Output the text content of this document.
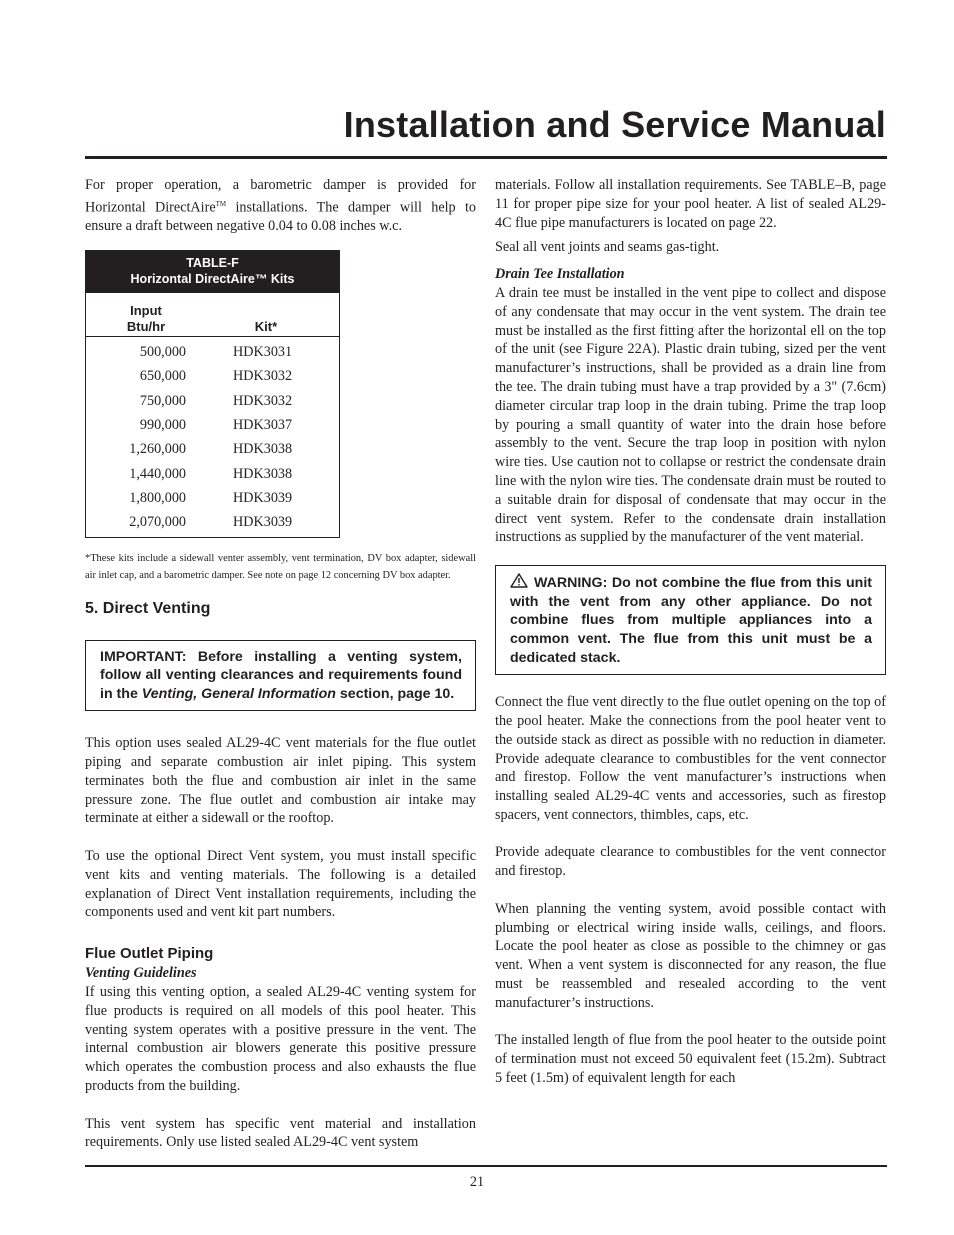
Installation and Service Manual

For proper operation, a barometric damper is provided for Horizontal DirectAire™ installations. The damper will help to ensure a draft between negative 0.04 to 0.08 inches w.c.

TABLE-F
Horizontal DirectAire™ Kits
Input
Btu/hr	Kit*
500,000	HDK3031
650,000	HDK3032
750,000	HDK3032
990,000	HDK3037
1,260,000	HDK3038
1,440,000	HDK3038
1,800,000	HDK3039
2,070,000	HDK3039
*These kits include a sidewall venter assembly, vent termination, DV box adapter, sidewall air inlet cap, and a barometric damper. See note on page 12 concerning DV box adapter.
5. Direct Venting
IMPORTANT: Before installing a venting system, follow all venting clearances and requirements found in the Venting, General Information section, page 10.

This option uses sealed AL29-4C vent materials for the flue outlet piping and separate combustion air inlet piping. This system terminates both the flue and combustion air inlet in the same pressure zone. The flue outlet and combustion air intake may terminate at either a sidewall or the rooftop.

To use the optional Direct Vent system, you must install specific vent kits and venting materials. The following is a detailed explanation of Direct Vent installation requirements, including the components used and vent kit part numbers.

Flue Outlet Piping

Venting Guidelines

If using this venting option, a sealed AL29-4C venting system for flue products is required on all models of this pool heater. This venting system operates with a positive pressure in the vent. The internal combustion air blowers generate this positive pressure which operates the combustion process and also exhausts the flue products from the building.

This vent system has specific vent material and installation requirements. Only use listed sealed AL29-4C vent system

materials. Follow all installation requirements. See TABLE–B, page 11 for proper pipe size for your pool heater. A list of sealed AL29-4C flue pipe manufacturers is located on page 22.

Seal all vent joints and seams gas-tight.

Drain Tee Installation

A drain tee must be installed in the vent pipe to collect and dispose of any condensate that may occur in the vent system. The drain tee must be installed as the first fitting after the horizontal ell on the top of the unit (see Figure 22A). Plastic drain tubing, sized per the vent manufacturer’s instructions, shall be provided as a drain line from the tee. The drain tubing must have a trap provided by a 3" (7.6cm) diameter circular trap loop in the drain tubing. Prime the trap loop by pouring a small quantity of water into the drain hose before assembly to the vent. Secure the trap loop in position with nylon wire ties. Use caution not to collapse or restrict the condensate drain line with the nylon wire ties. The condensate drain must be routed to a suitable drain for disposal of condensate that may occur in the direct vent system. Refer to the condensate drain installation instructions as supplied by the manufacturer of the vent material.

WARNING: Do not combine the flue from this unit with the vent from any other appliance. Do not combine flues from multiple appliances into a common vent. The flue from this unit must be a dedicated stack.

Connect the flue vent directly to the flue outlet opening on the top of the pool heater. Make the connections from the pool heater vent to the outside stack as direct as possible with no reduction in diameter. Provide adequate clearance to combustibles for the vent connector and firestop. Follow the vent manufacturer’s instructions when installing sealed AL29-4C vents and accessories, such as firestop spacers, vent connectors, thimbles, caps, etc.

Provide adequate clearance to combustibles for the vent connector and firestop.

When planning the venting system, avoid possible contact with plumbing or electrical wiring inside walls, ceilings, and floors. Locate the pool heater as close as possible to the chimney or gas vent. When a vent system is disconnected for any reason, the flue must be reassembled and resealed according to the vent manufacturer’s instructions.

The installed length of flue from the pool heater to the outside point of termination must not exceed 50 equivalent feet (15.2m). Subtract 5 feet (1.5m) of equivalent length for each

21
